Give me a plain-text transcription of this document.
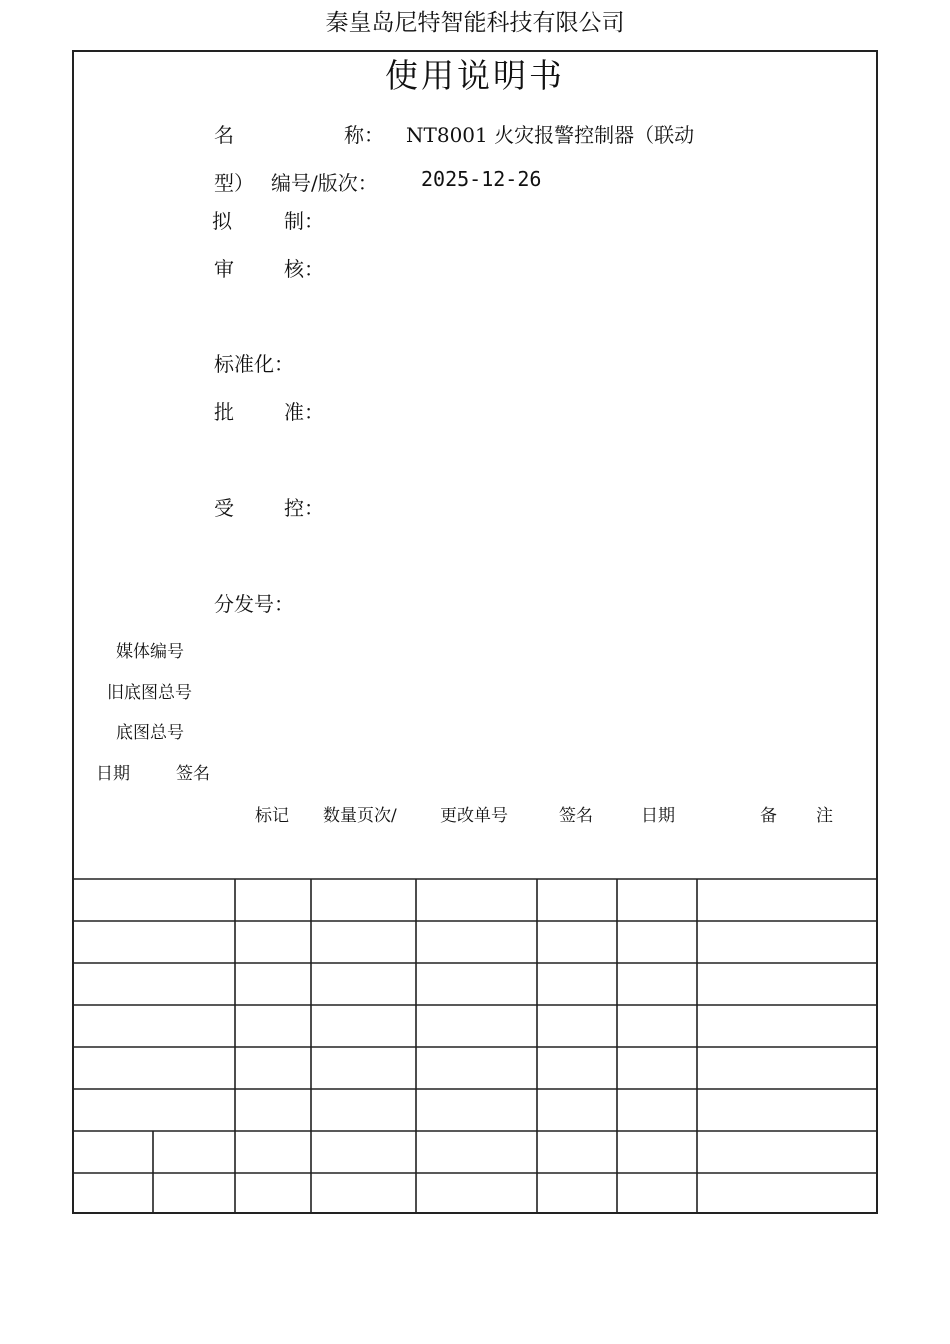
秦皇岛尼特智能科技有限公司
使用说明书
名	称： NT8001 火灾报警控制器（联动
型） 编号/版次： 2025-12-26
拟	制：
审	核：
标准化：
批	准：
受	控：
分发号：
媒体编号
旧底图总号
底图总号
日期	签名
标记 数量页次/	更改单号	签名	日期	备 注
